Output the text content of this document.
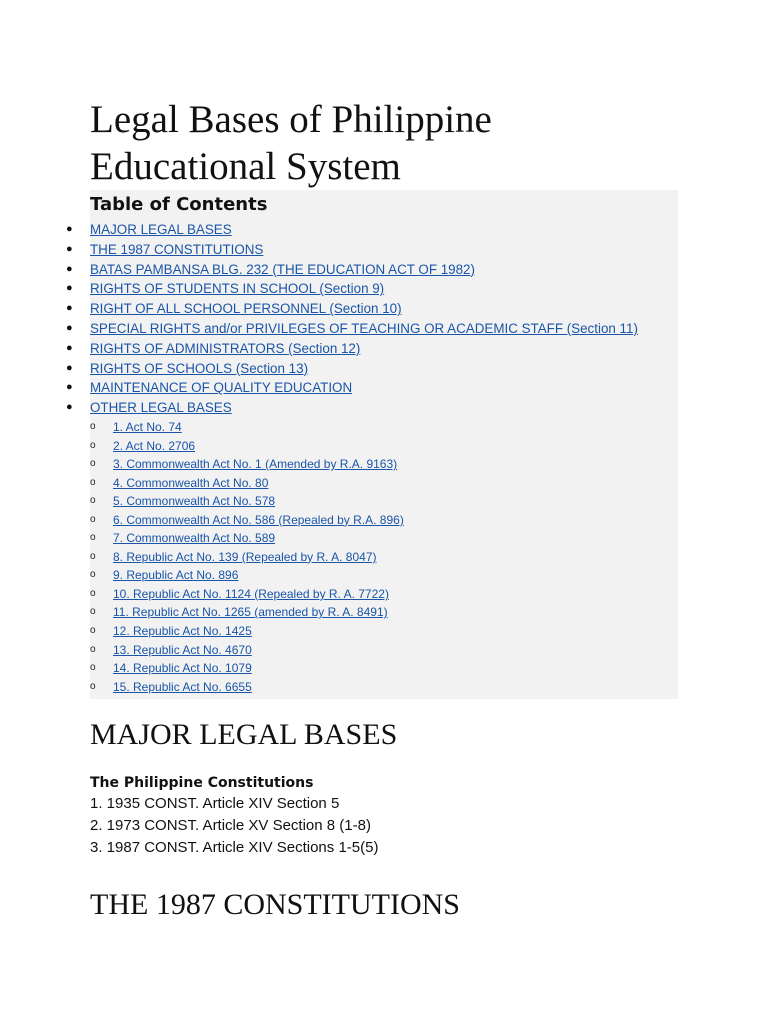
Legal Bases of Philippine
Educational System
Table of Contents
● MAJOR LEGAL BASES
● THE 1987 CONSTITUTIONS
● BATAS PAMBANSA BLG. 232 (THE EDUCATION ACT OF 1982)
● RIGHTS OF STUDENTS IN SCHOOL (Section 9)
● RIGHT OF ALL SCHOOL PERSONNEL (Section 10)
● SPECIAL RIGHTS and/or PRIVILEGES OF TEACHING OR ACADEMIC STAFF (Section 11)
● RIGHTS OF ADMINISTRATORS (Section 12)
● RIGHTS OF SCHOOLS (Section 13)
● MAINTENANCE OF QUALITY EDUCATION
● OTHER LEGAL BASES
o 1. Act No. 74
o 2. Act No. 2706
o 3. Commonwealth Act No. 1 (Amended by R.A. 9163)
o 4. Commonwealth Act No. 80
o 5. Commonwealth Act No. 578
o 6. Commonwealth Act No. 586 (Repealed by R.A. 896)
o 7. Commonwealth Act No. 589
o 8. Republic Act No. 139 (Repealed by R. A. 8047)
o 9. Republic Act No. 896
o 10. Republic Act No. 1124 (Repealed by R. A. 7722)
o 11. Republic Act No. 1265 (amended by R. A. 8491)
o 12. Republic Act No. 1425
o 13. Republic Act No. 4670
o 14. Republic Act No. 1079
o 15. Republic Act No. 6655
MAJOR LEGAL BASES
The Philippine Constitutions
1. 1935 CONST. Article XIV Section 5
2. 1973 CONST. Article XV Section 8 (1-8)
3. 1987 CONST. Article XIV Sections 1-5(5)
THE 1987 CONSTITUTIONS
